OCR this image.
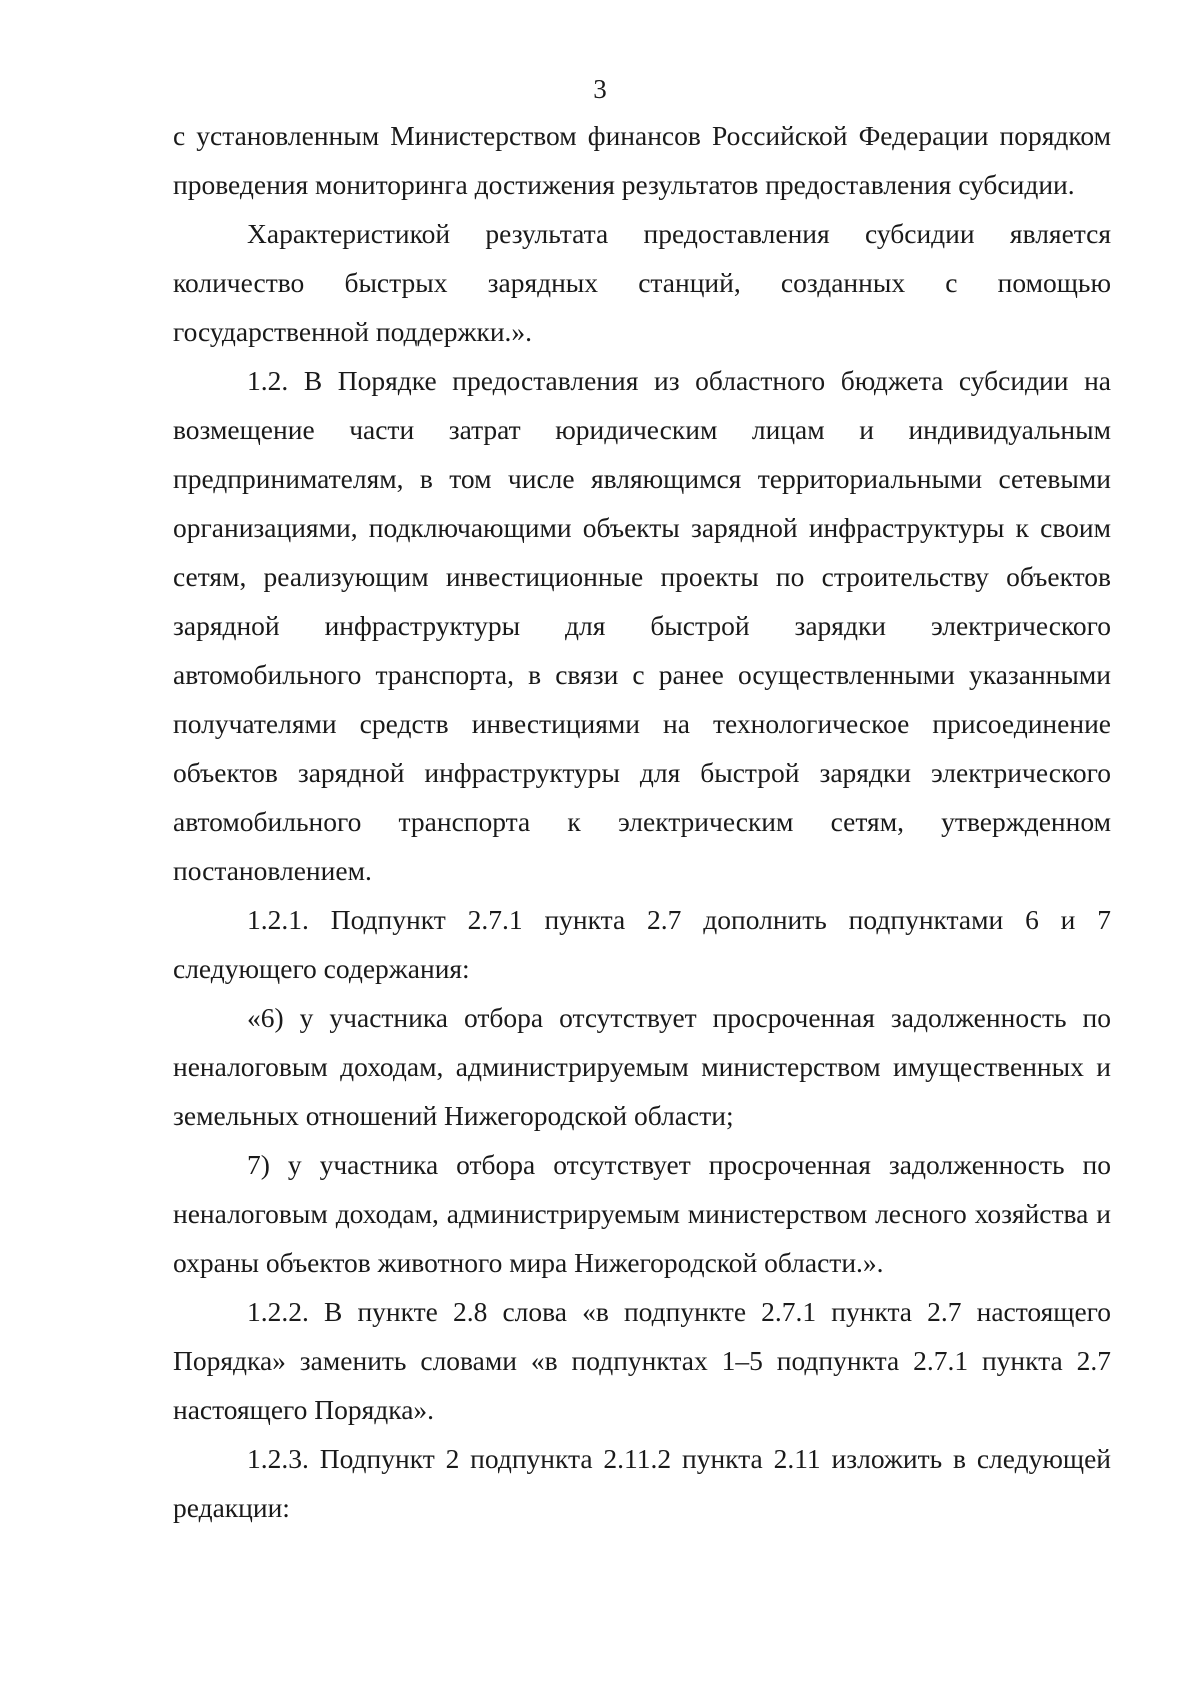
3

с установленным Министерством финансов Российской Федерации порядком проведения мониторинга достижения результатов предоставления субсидии.

Характеристикой результата предоставления субсидии является количество быстрых зарядных станций, созданных с помощью государственной поддержки.».

1.2. В Порядке предоставления из областного бюджета субсидии на возмещение части затрат юридическим лицам и индивидуальным предпринимателям, в том числе являющимся территориальными сетевыми организациями, подключающими объекты зарядной инфраструктуры к своим сетям, реализующим инвестиционные проекты по строительству объектов зарядной инфраструктуры для быстрой зарядки электрического автомобильного транспорта, в связи с ранее осуществленными указанными получателями средств инвестициями на технологическое присоединение объектов зарядной инфраструктуры для быстрой зарядки электрического автомобильного транспорта к электрическим сетям, утвержденном постановлением.

1.2.1. Подпункт 2.7.1 пункта 2.7 дополнить подпунктами 6 и 7 следующего содержания:

«6) у участника отбора отсутствует просроченная задолженность по неналоговым доходам, администрируемым министерством имущественных и земельных отношений Нижегородской области;

7) у участника отбора отсутствует просроченная задолженность по неналоговым доходам, администрируемым министерством лесного хозяйства и охраны объектов животного мира Нижегородской области.».

1.2.2. В пункте 2.8 слова «в подпункте 2.7.1 пункта 2.7 настоящего Порядка» заменить словами «в подпунктах 1–5 подпункта 2.7.1 пункта 2.7 настоящего Порядка».

1.2.3. Подпункт 2 подпункта 2.11.2 пункта 2.11 изложить в следующей редакции:
